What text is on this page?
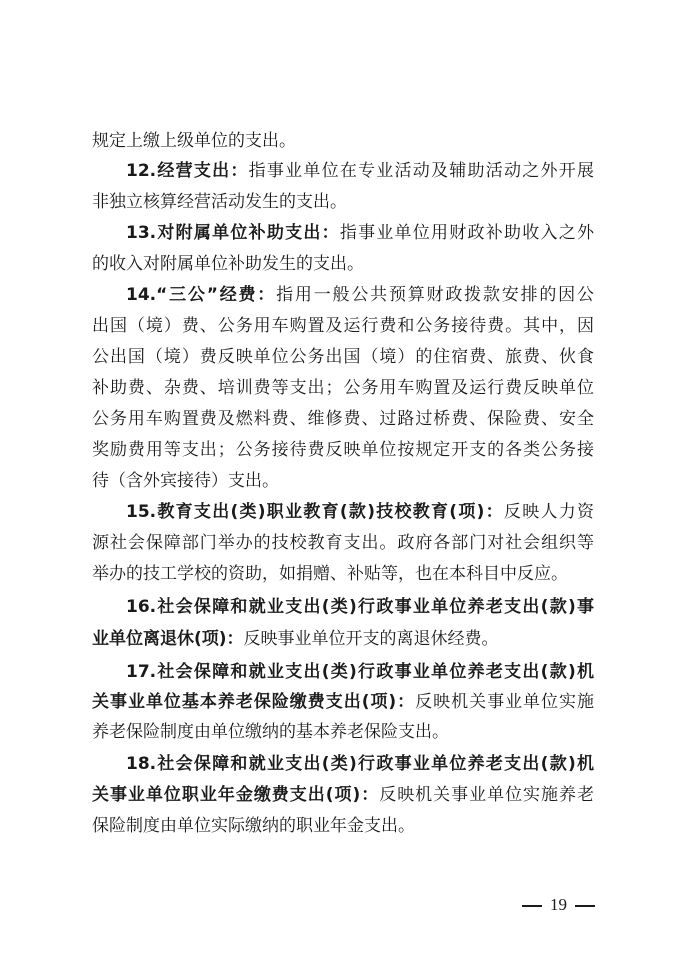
规定上缴上级单位的支出。
12.经营支出：指事业单位在专业活动及辅助活动之外开展
非独立核算经营活动发生的支出。
13.对附属单位补助支出：指事业单位用财政补助收入之外
的收入对附属单位补助发生的支出。
14.“三公”经费：指用一般公共预算财政拨款安排的因公
出国（境）费、公务用车购置及运行费和公务接待费。其中，因
公出国（境）费反映单位公务出国（境）的住宿费、旅费、伙食
补助费、杂费、培训费等支出；公务用车购置及运行费反映单位
公务用车购置费及燃料费、维修费、过路过桥费、保险费、安全
奖励费用等支出；公务接待费反映单位按规定开支的各类公务接
待（含外宾接待）支出。
15.教育支出(类)职业教育(款)技校教育(项)：反映人力资
源社会保障部门举办的技校教育支出。政府各部门对社会组织等
举办的技工学校的资助，如捐赠、补贴等，也在本科目中反应。
16.社会保障和就业支出(类)行政事业单位养老支出(款)事
业单位离退休(项)：反映事业单位开支的离退休经费。
17.社会保障和就业支出(类)行政事业单位养老支出(款)机
关事业单位基本养老保险缴费支出(项)：反映机关事业单位实施
养老保险制度由单位缴纳的基本养老保险支出。
18.社会保障和就业支出(类)行政事业单位养老支出(款)机
关事业单位职业年金缴费支出(项)：反映机关事业单位实施养老
保险制度由单位实际缴纳的职业年金支出。
19
